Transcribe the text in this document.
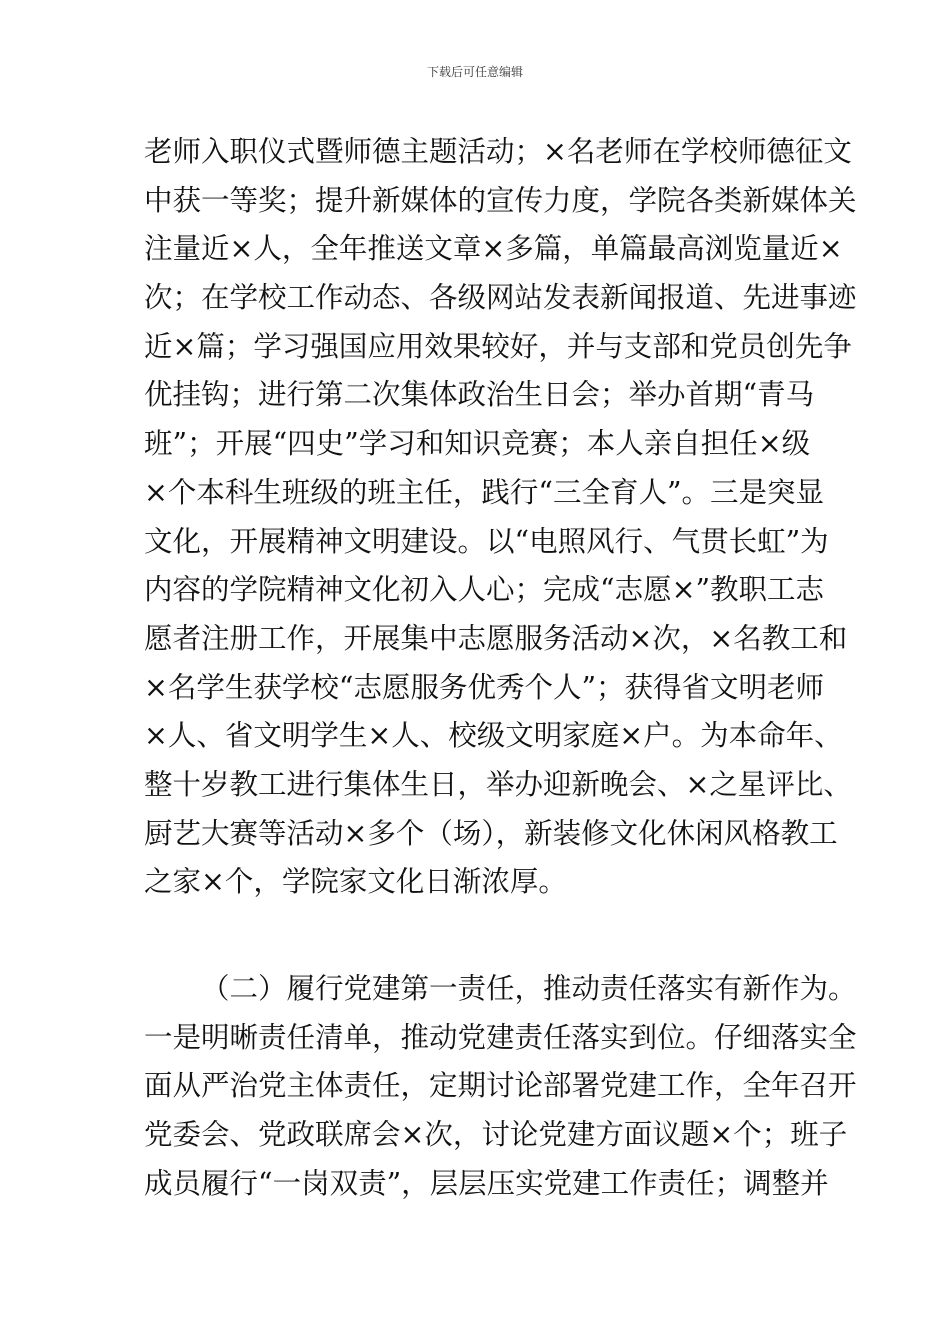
下载后可任意编辑
老师入职仪式暨师德主题活动；×名老师在学校师德征文
中获一等奖；提升新媒体的宣传力度，学院各类新媒体关
注量近×人，全年推送文章×多篇，单篇最高浏览量近×
次；在学校工作动态、各级网站发表新闻报道、先进事迹
近×篇；学习强国应用效果较好，并与支部和党员创先争
优挂钩；进行第二次集体政治生日会；举办首期“青马
班”；开展“四史”学习和知识竞赛；本人亲自担任×级
×个本科生班级的班主任，践行“三全育人”。三是突显
文化，开展精神文明建设。以“电照风行、气贯长虹”为
内容的学院精神文化初入人心；完成“志愿×”教职工志
愿者注册工作，开展集中志愿服务活动×次，×名教工和
×名学生获学校“志愿服务优秀个人”；获得省文明老师
×人、省文明学生×人、校级文明家庭×户。为本命年、
整十岁教工进行集体生日，举办迎新晚会、×之星评比、
厨艺大赛等活动×多个（场），新装修文化休闲风格教工
之家×个，学院家文化日渐浓厚。
（二）履行党建第一责任，推动责任落实有新作为。
一是明晰责任清单，推动党建责任落实到位。仔细落实全
面从严治党主体责任，定期讨论部署党建工作，全年召开
党委会、党政联席会×次，讨论党建方面议题×个；班子
成员履行“一岗双责”，层层压实党建工作责任；调整并
